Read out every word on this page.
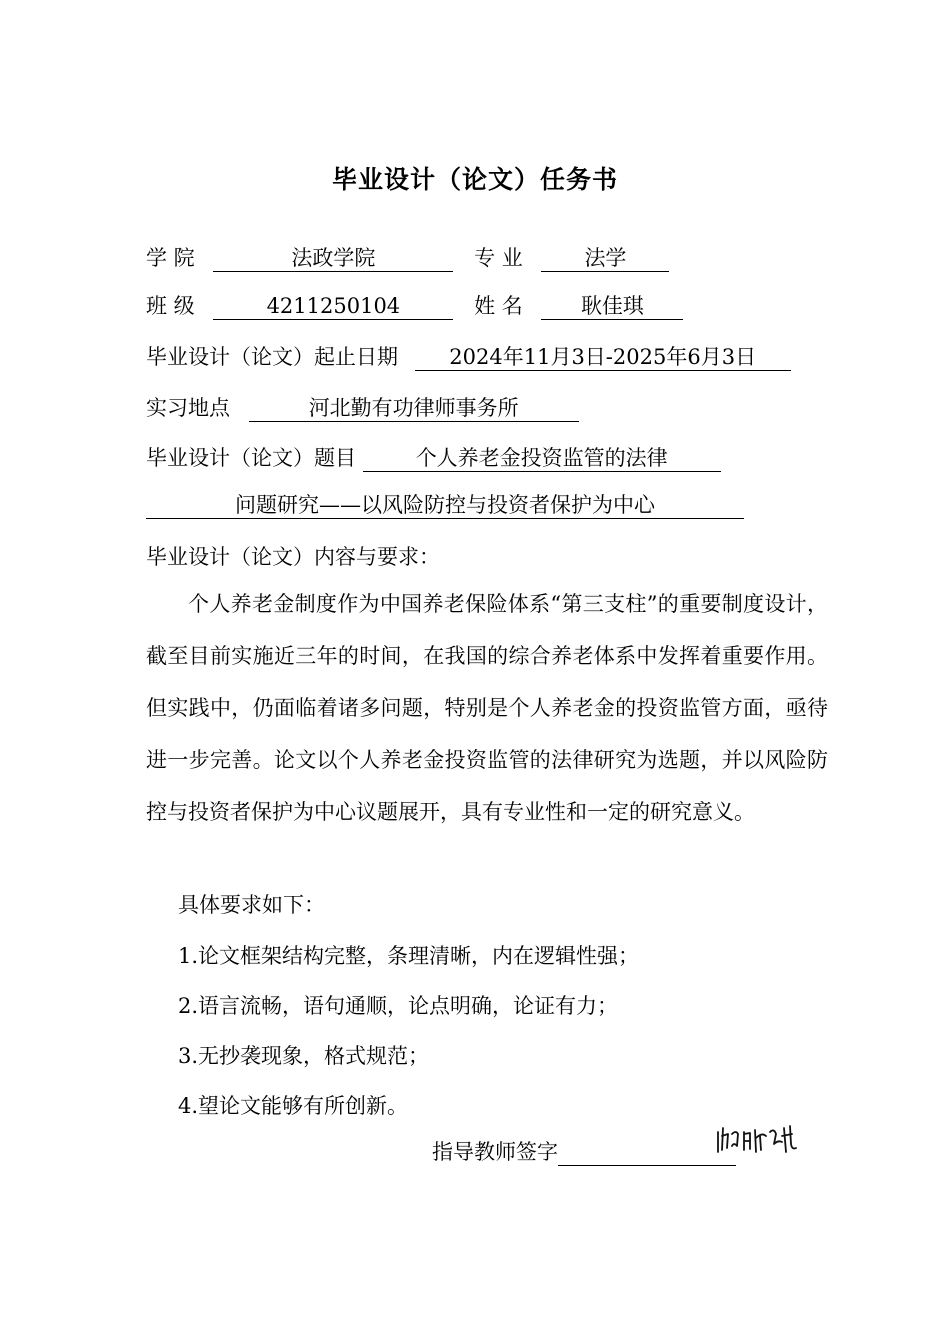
毕业设计（论文）任务书
学 院	法政学院	专 业	法学
班 级	4211250104	姓 名	耿佳琪
毕业设计（论文）起止日期 2024年11月3日-2025年6月3日
实习地点	河北勤有功律师事务所
毕业设计（论文）题目	个人养老金投资监管的法律
问题研究——以风险防控与投资者保护为中心
毕业设计（论文）内容与要求：
个人养老金制度作为中国养老保险体系“第三支柱”的重要制度设计，截至目前实施近三年的时间，在我国的综合养老体系中发挥着重要作用。但实践中，仍面临着诸多问题，特别是个人养老金的投资监管方面，亟待进一步完善。论文以个人养老金投资监管的法律研究为选题，并以风险防控与投资者保护为中心议题展开，具有专业性和一定的研究意义。
具体要求如下：
1.论文框架结构完整，条理清晰，内在逻辑性强；
2.语言流畅，语句通顺，论点明确，论证有力；
3.无抄袭现象，格式规范；
4.望论文能够有所创新。
指导教师签字
